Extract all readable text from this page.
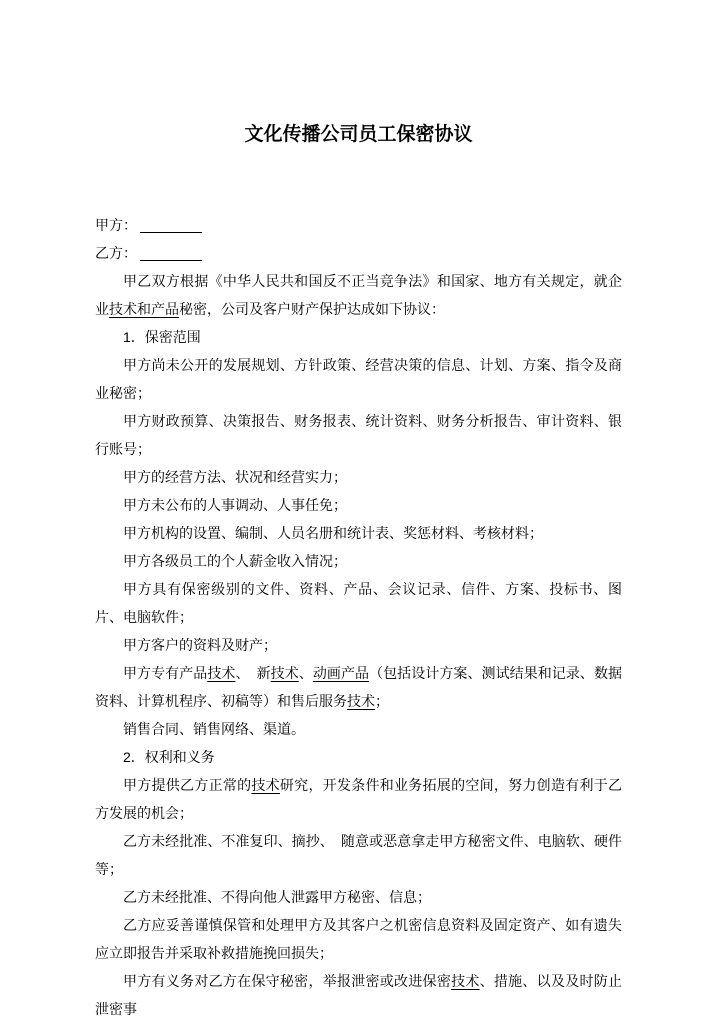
文化传播公司员工保密协议
甲方：
乙方：

甲乙双方根据《中华人民共和国反不正当竞争法》和国家、地方有关规定，就企业技术和产品秘密，公司及客户财产保护达成如下协议：

1．保密范围

甲方尚未公开的发展规划、方针政策、经营决策的信息、计划、方案、指令及商业秘密；

甲方财政预算、决策报告、财务报表、统计资料、财务分析报告、审计资料、银行账号；

甲方的经营方法、状况和经营实力；

甲方未公布的人事调动、人事任免；

甲方机构的设置、编制、人员名册和统计表、奖惩材料、考核材料；

甲方各级员工的个人薪金收入情况；

甲方具有保密级别的文件、资料、产品、会议记录、信件、方案、投标书、图片、电脑软件；

甲方客户的资料及财产；

甲方专有产品技术、　新技术、动画产品（包括设计方案、测试结果和记录、数据资料、计算机程序、初稿等）和售后服务技术；

销售合同、销售网络、渠道。

2．权利和义务

甲方提供乙方正常的技术研究，开发条件和业务拓展的空间，努力创造有利于乙方发展的机会；

乙方未经批准、不准复印、摘抄、　随意或恶意拿走甲方秘密文件、电脑软、硬件等；

乙方未经批准、不得向他人泄露甲方秘密、信息；

乙方应妥善谨慎保管和处理甲方及其客户之机密信息资料及固定资产、如有遗失应立即报告并采取补救措施挽回损失；

甲方有义务对乙方在保守秘密，举报泄密或改进保密技术、措施、以及及时防止泄密事
